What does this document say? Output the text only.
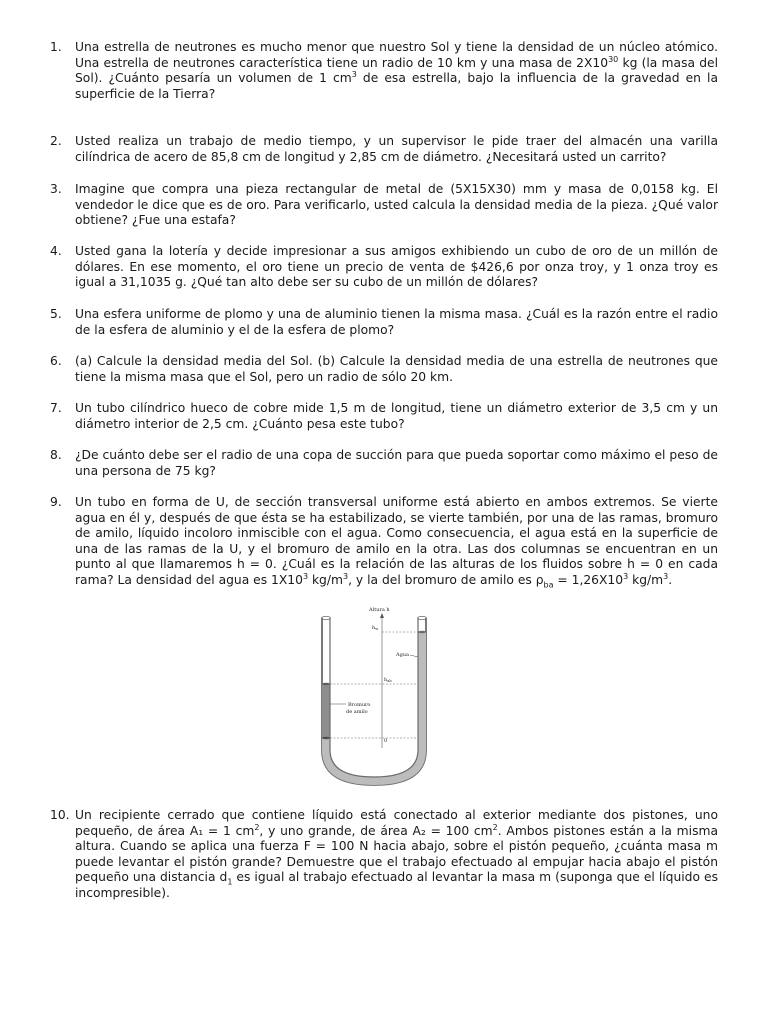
1.	Una estrella de neutrones es mucho menor que nuestro Sol y tiene la densidad de un núcleo atómico. Una estrella de neutrones característica tiene un radio de 10 km y una masa de $2X10^{30}$ kg (la masa del Sol). ¿Cuánto pesaría un volumen de 1 $cm^3$ de esa estrella, bajo la influencia de la gravedad en la superficie de la Tierra?
2.	Usted realiza un trabajo de medio tiempo, y un supervisor le pide traer del almacén una varilla cilíndrica de acero de 85,8 cm de longitud y 2,85 cm de diámetro. ¿Necesitará usted un carrito?
3.	Imagine que compra una pieza rectangular de metal de (5X15X30) mm y masa de 0,0158 kg. El vendedor le dice que es de oro. Para verificarlo, usted calcula la densidad media de la pieza. ¿Qué valor obtiene? ¿Fue una estafa?
4.	Usted gana la lotería y decide impresionar a sus amigos exhibiendo un cubo de oro de un millón de dólares. En ese momento, el oro tiene un precio de venta de $426,6 por onza troy, y 1 onza troy es igual a 31,1035 g. ¿Qué tan alto debe ser su cubo de un millón de dólares?
5.	Una esfera uniforme de plomo y una de aluminio tienen la misma masa. ¿Cuál es la razón entre el radio de la esfera de aluminio y el de la esfera de plomo?
6.	(a) Calcule la densidad media del Sol. (b) Calcule la densidad media de una estrella de neutrones que tiene la misma masa que el Sol, pero un radio de sólo 20 km.
7.	Un tubo cilíndrico hueco de cobre mide 1,5 m de longitud, tiene un diámetro exterior de 3,5 cm y un diámetro interior de 2,5 cm. ¿Cuánto pesa este tubo?
8.	¿De cuánto debe ser el radio de una copa de succión para que pueda soportar como máximo el peso de una persona de 75 kg?
9.	Un tubo en forma de U, de sección transversal uniforme está abierto en ambos extremos. Se vierte agua en él y, después de que ésta se ha estabilizado, se vierte también, por una de las ramas, bromuro de amilo, líquido incoloro inmiscible con el agua. Como consecuencia, el agua está en la superficie de una de las ramas de la U, y el bromuro de amilo en la otra. Las dos columnas se encuentran en un punto al que llamaremos h = 0. ¿Cuál es la relación de las alturas de los fluidos sobre h = 0 en cada rama? La densidad del agua es $1X10^3$ $kg/m^3$, y la del bromuro de amilo es $\rho_{ba} = 1,26X10^3$ $kg/m^3$.
Altura h
$h_w$
$h_{ab}$
0
Agua
Bromuro
de amilo
10. Un recipiente cerrado que contiene líquido está conectado al exterior mediante dos pistones, uno pequeño, de área A₁ = 1 $cm^2$, y uno grande, de área A₂ = 100 $cm^2$. Ambos pistones están a la misma altura. Cuando se aplica una fuerza F = 100 N hacia abajo, sobre el pistón pequeño, ¿cuánta masa m puede levantar el pistón grande? Demuestre que el trabajo efectuado al empujar hacia abajo el pistón pequeño una distancia $d_1$ es igual al trabajo efectuado al levantar la masa m (suponga que el líquido es incompresible).
